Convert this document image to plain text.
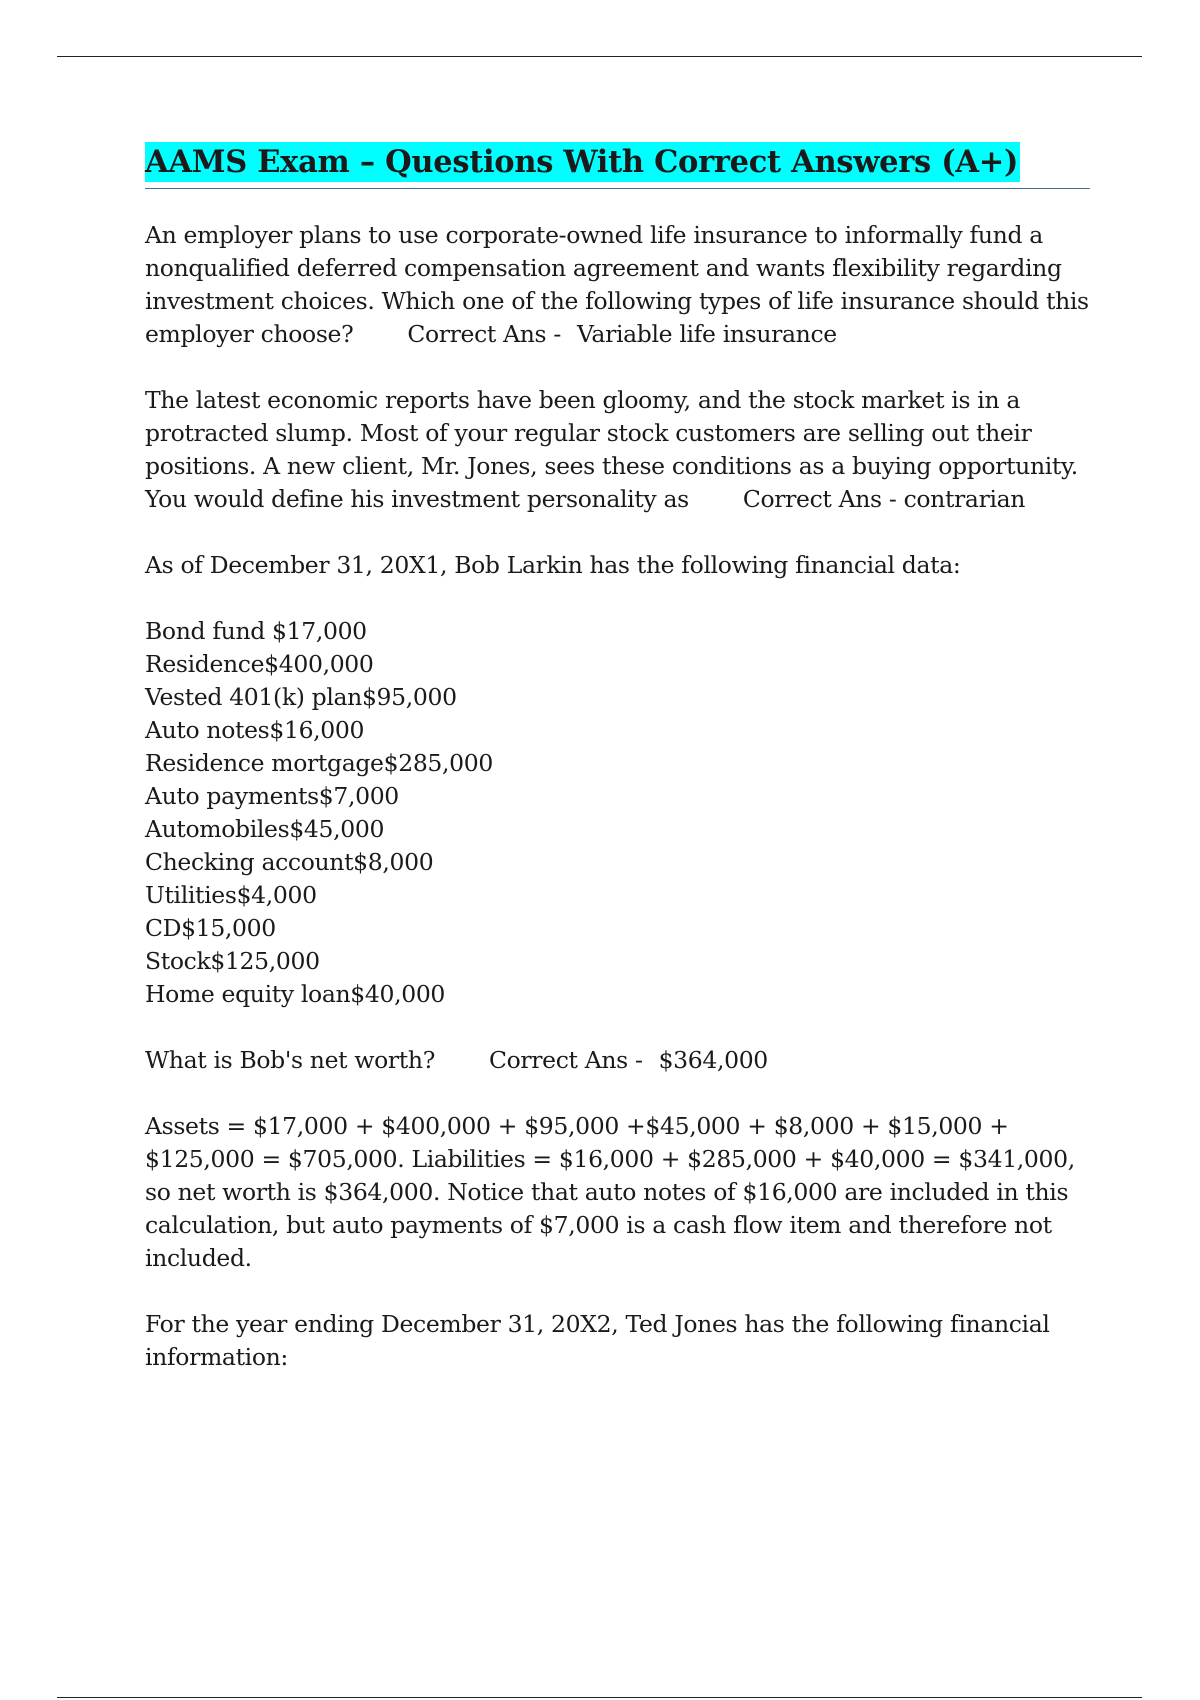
AAMS Exam – Questions With Correct Answers (A+)

An employer plans to use corporate-owned life insurance to informally fund a nonqualified deferred compensation agreement and wants flexibility regarding investment choices. Which one of the following types of life insurance should this employer choose? Correct Ans - Variable life insurance

The latest economic reports have been gloomy, and the stock market is in a protracted slump. Most of your regular stock customers are selling out their positions. A new client, Mr. Jones, sees these conditions as a buying opportunity. You would define his investment personality as Correct Ans - contrarian

As of December 31, 20X1, Bob Larkin has the following financial data:

Bond fund $17,000
Residence$400,000
Vested 401(k) plan$95,000
Auto notes$16,000
Residence mortgage$285,000
Auto payments$7,000
Automobiles$45,000
Checking account$8,000
Utilities$4,000
CD$15,000
Stock$125,000
Home equity loan$40,000

What is Bob's net worth? Correct Ans - $364,000

Assets = $17,000 + $400,000 + $95,000 +$45,000 + $8,000 + $15,000 + $125,000 = $705,000. Liabilities = $16,000 + $285,000 + $40,000 = $341,000, so net worth is $364,000. Notice that auto notes of $16,000 are included in this calculation, but auto payments of $7,000 is a cash flow item and therefore not included.

For the year ending December 31, 20X2, Ted Jones has the following financial information:
